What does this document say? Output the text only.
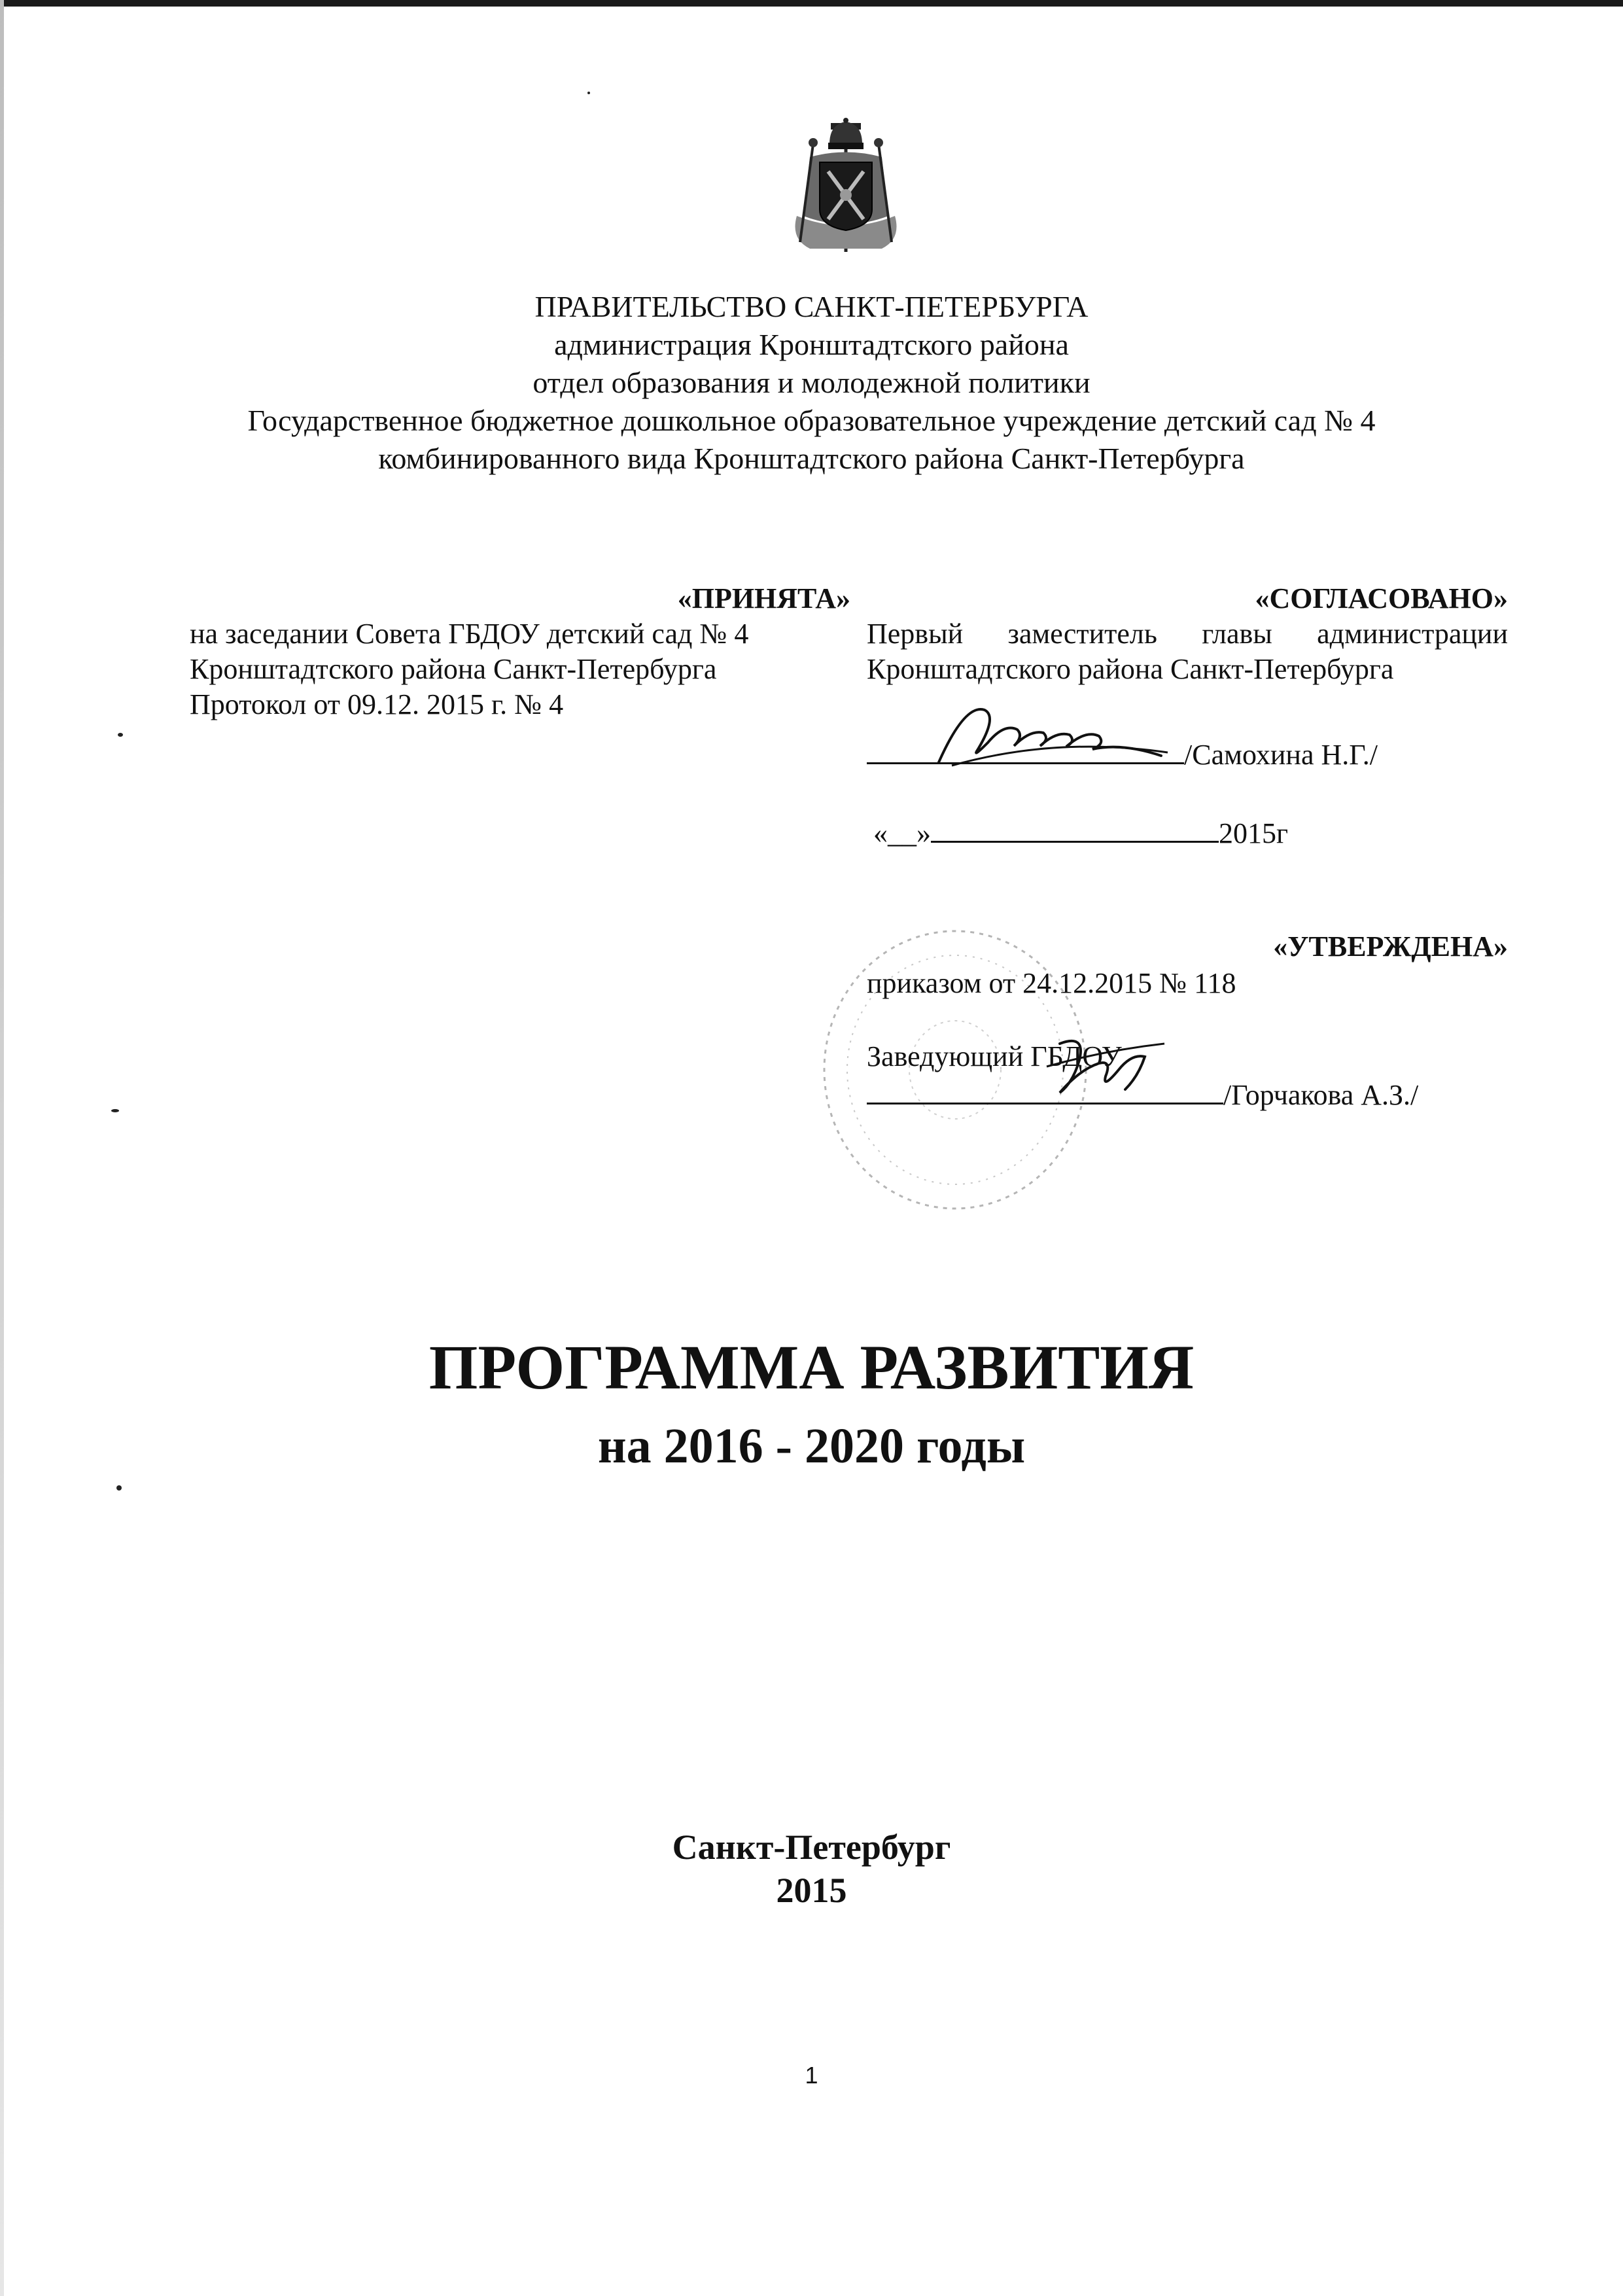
ПРАВИТЕЛЬСТВО САНКТ-ПЕТЕРБУРГА
администрация Кронштадтского района
отдел образования и молодежной политики
Государственное бюджетное дошкольное образовательное учреждение детский сад № 4
комбинированного вида Кронштадтского района Санкт-Петербурга
«ПРИНЯТА»
на заседании Совета ГБДОУ детский сад № 4
Кронштадтского района Санкт-Петербурга
Протокол от 09.12. 2015 г. № 4
«СОГЛАСОВАНО»
Первый заместитель главы администрации
Кронштадтского района Санкт-Петербурга
/Самохина Н.Г./
«__»	2015г
«УТВЕРЖДЕНА»
приказом от 24.12.2015 № 118
Заведующий ГБДОУ
/Горчакова А.З./
ПРОГРАММА РАЗВИТИЯ
на 2016 - 2020 годы
Санкт-Петербург
2015
1
